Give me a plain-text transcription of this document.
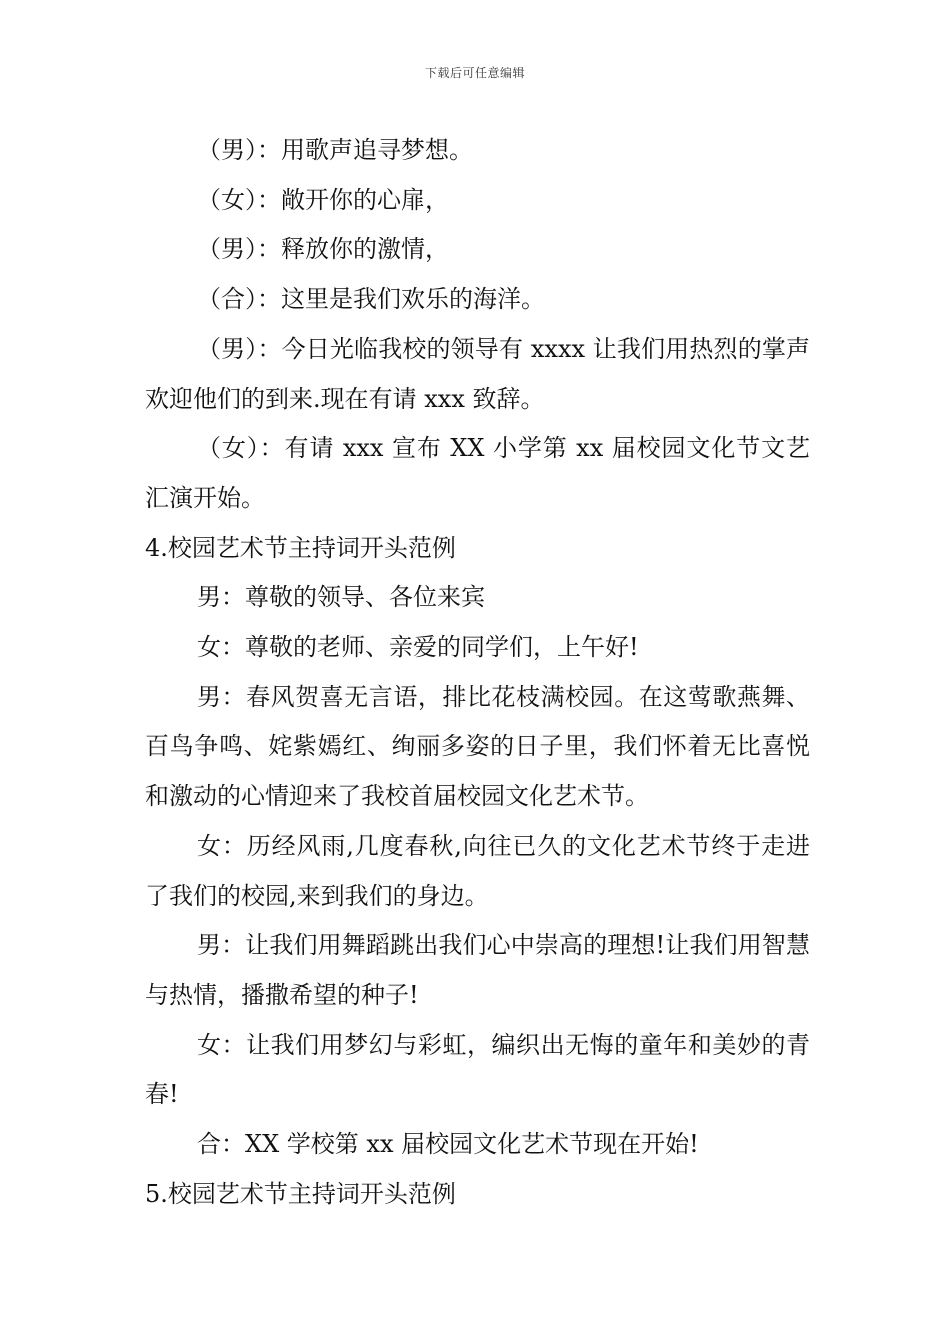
下载后可任意编辑

（男）：用歌声追寻梦想。

（女）：敞开你的心扉，

（男）：释放你的激情，

（合）：这里是我们欢乐的海洋。

（男）：今日光临我校的领导有 xxxx 让我们用热烈的掌声欢迎他们的到来.现在有请 xxx 致辞。

（女）：有请 xxx 宣布 XX 小学第 xx 届校园文化节文艺汇演开始。

4.校园艺术节主持词开头范例

男：尊敬的领导、各位来宾

女：尊敬的老师、亲爱的同学们，上午好!

男：春风贺喜无言语，排比花枝满校园。在这莺歌燕舞、百鸟争鸣、姹紫嫣红、绚丽多姿的日子里，我们怀着无比喜悦和激动的心情迎来了我校首届校园文化艺术节。

女：历经风雨,几度春秋,向往已久的文化艺术节终于走进了我们的校园,来到我们的身边。

男：让我们用舞蹈跳出我们心中崇高的理想!让我们用智慧与热情，播撒希望的种子!

女：让我们用梦幻与彩虹，编织出无悔的童年和美妙的青春!

合：XX 学校第 xx 届校园文化艺术节现在开始!

5.校园艺术节主持词开头范例
